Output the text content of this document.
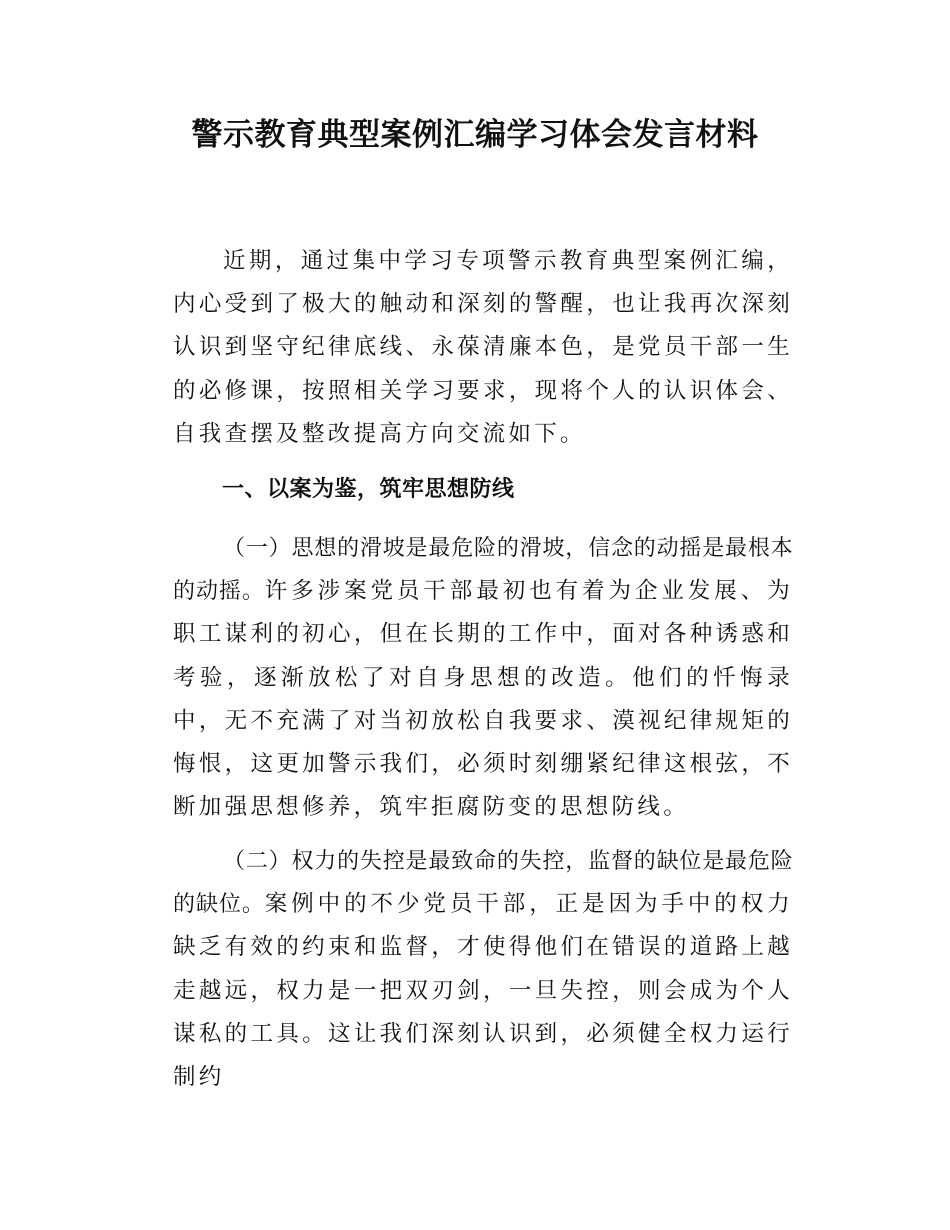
警示教育典型案例汇编学习体会发言材料

近期，通过集中学习专项警示教育典型案例汇编，内心受到了极大的触动和深刻的警醒，也让我再次深刻认识到坚守纪律底线、永葆清廉本色，是党员干部一生的必修课，按照相关学习要求，现将个人的认识体会、自我查摆及整改提高方向交流如下。

一、以案为鉴，筑牢思想防线

（一）思想的滑坡是最危险的滑坡，信念的动摇是最根本的动摇。许多涉案党员干部最初也有着为企业发展、为职工谋利的初心，但在长期的工作中，面对各种诱惑和考验，逐渐放松了对自身思想的改造。他们的忏悔录中，无不充满了对当初放松自我要求、漠视纪律规矩的悔恨，这更加警示我们，必须时刻绷紧纪律这根弦，不断加强思想修养，筑牢拒腐防变的思想防线。

（二）权力的失控是最致命的失控，监督的缺位是最危险的缺位。案例中的不少党员干部，正是因为手中的权力缺乏有效的约束和监督，才使得他们在错误的道路上越走越远，权力是一把双刃剑，一旦失控，则会成为个人谋私的工具。这让我们深刻认识到，必须健全权力运行制约
